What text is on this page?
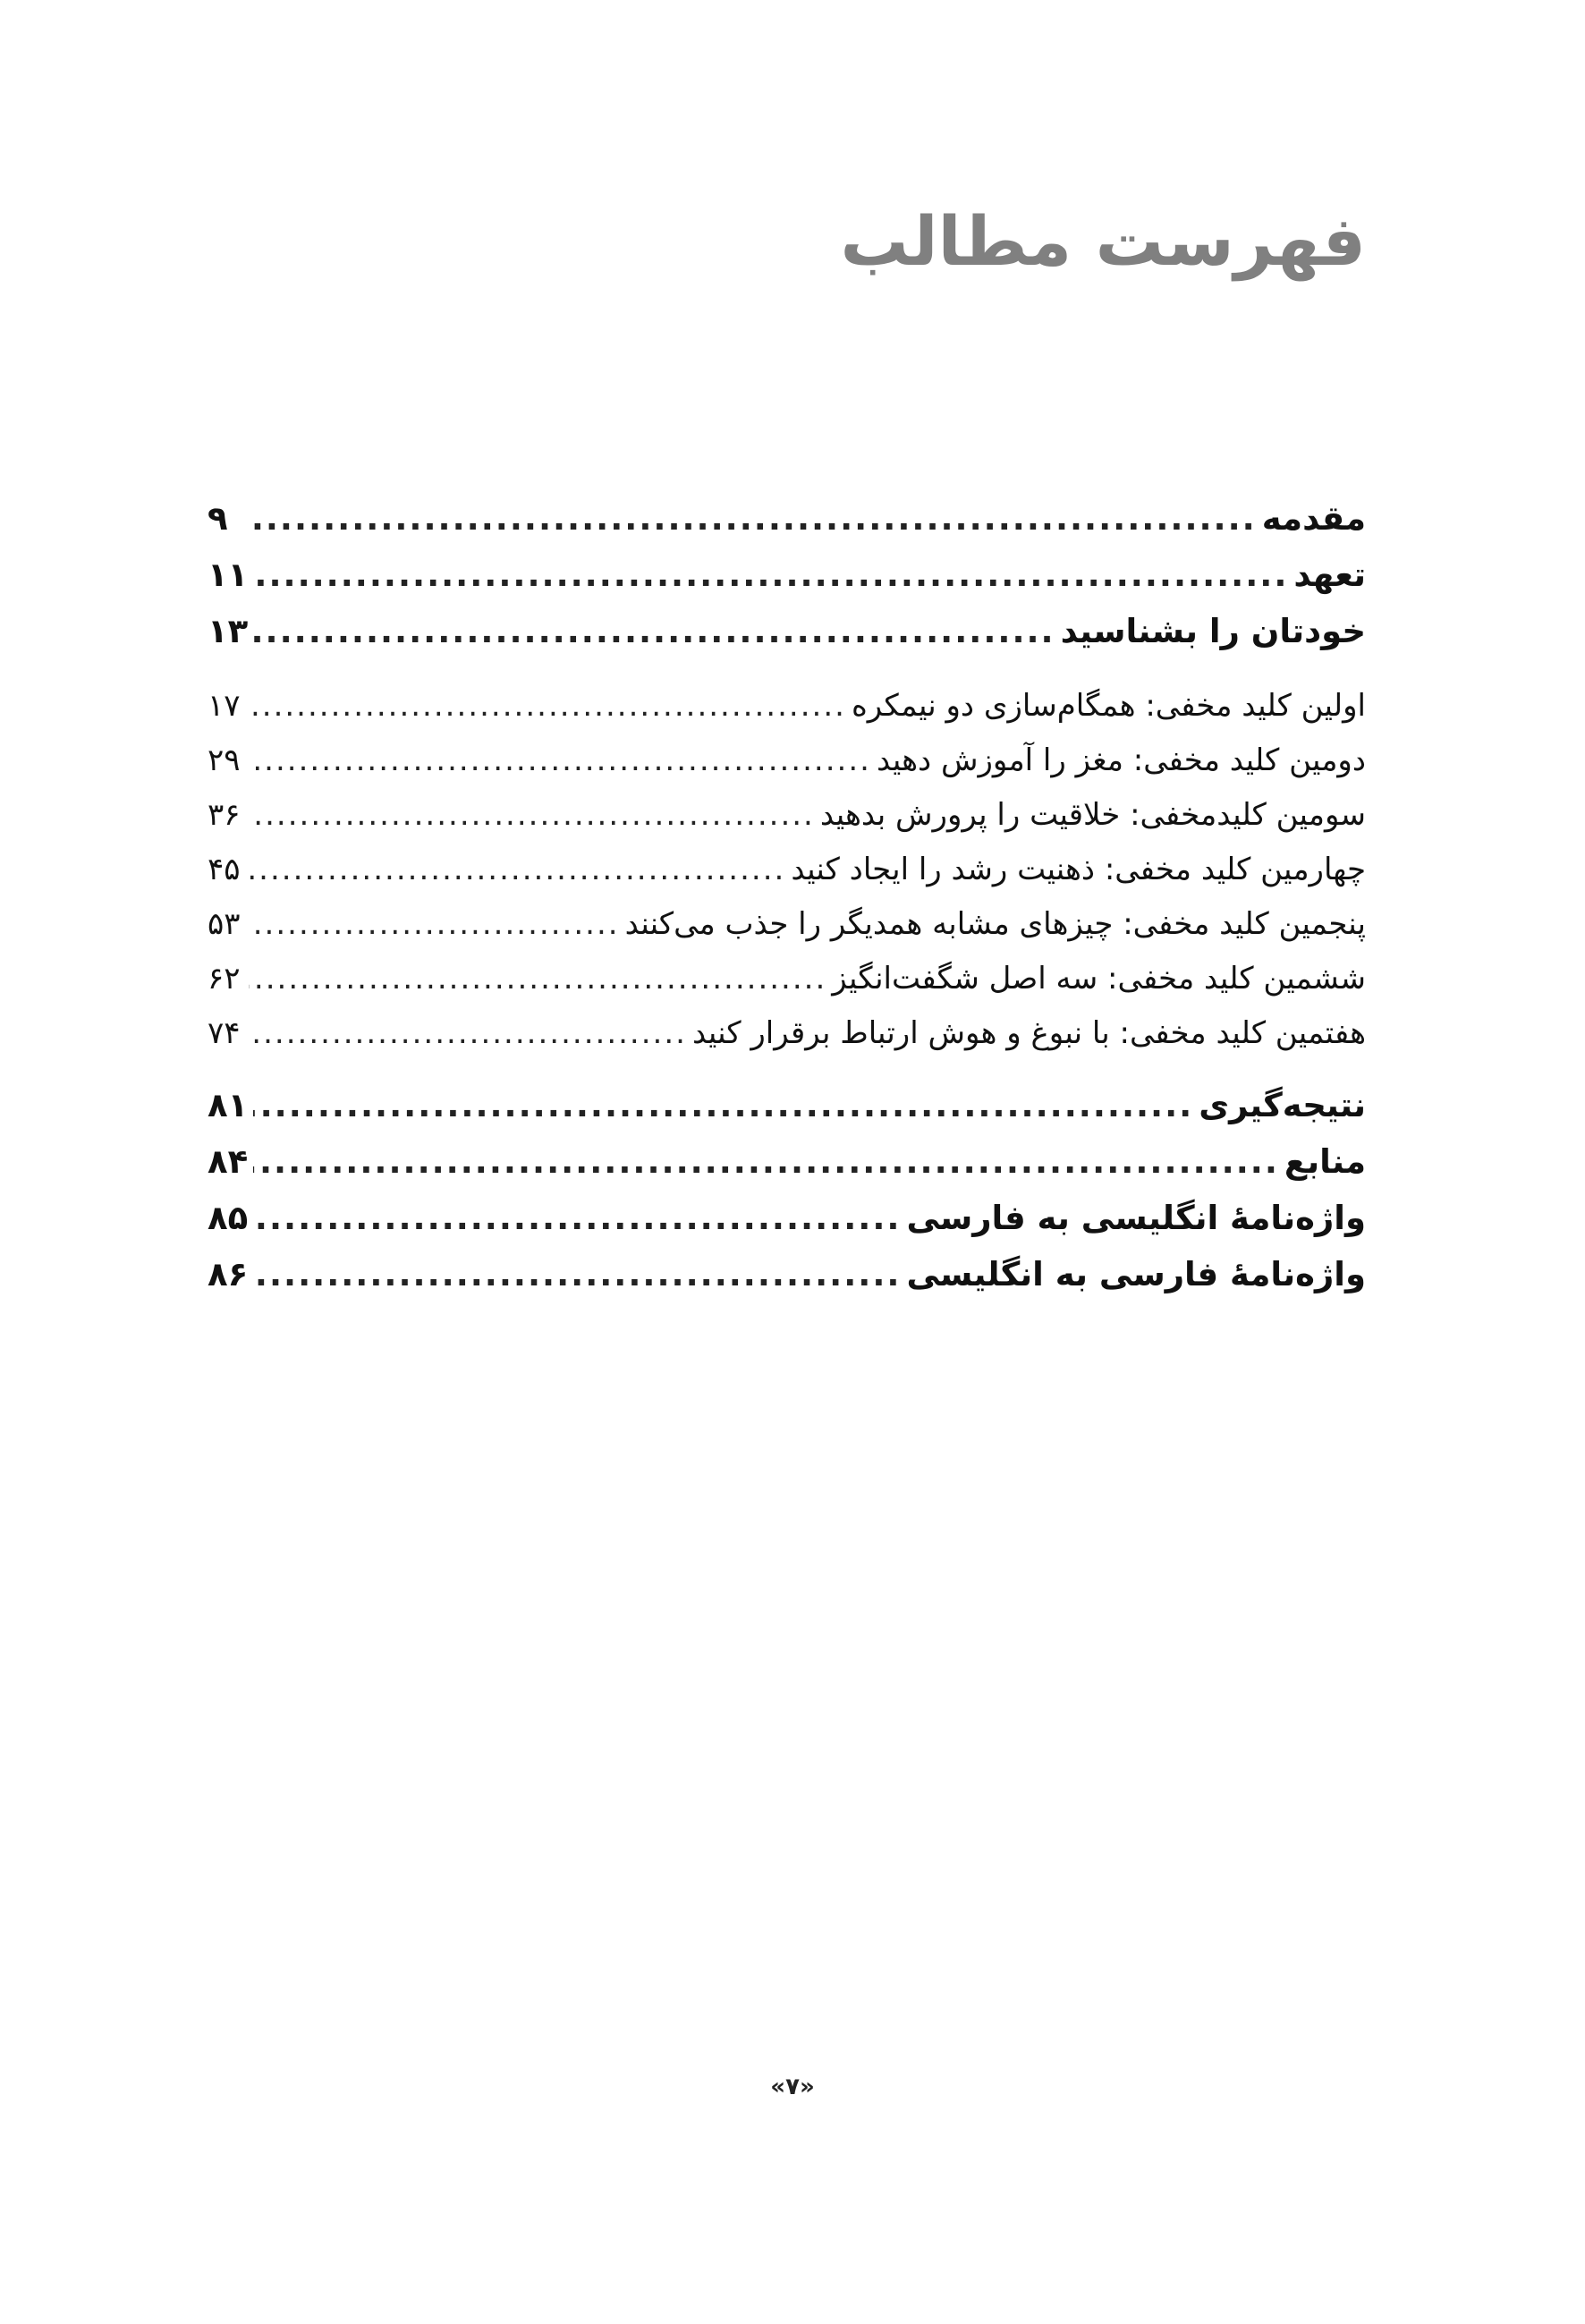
فهرست مطالب
مقدمه
.....
۹
تعهد
.....
۱۱
خودتان را بشناسید
.....
۱۳
اولین کلید مخفی: همگام‌سازی دو نیمکره
.....
۱۷
دومین کلید مخفی: مغز را آموزش دهید
.....
۲۹
سومین کلیدمخفی: خلاقیت را پرورش بدهید
.....
۳۶
چهارمین کلید مخفی: ذهنیت رشد را ایجاد کنید
.....
۴۵
پنجمین کلید مخفی: چیزهای مشابه همدیگر را جذب می‌کنند
.....
۵۳
ششمین کلید مخفی: سه اصل شگفت‌انگیز
.....
۶۲
هفتمین کلید مخفی: با نبوغ و هوش ارتباط برقرار کنید
.....
۷۴
نتیجه‌گیری
.....
۸۱
منابع
.....
۸۴
واژه‌نامهٔ انگلیسی به فارسی
.....
۸۵
واژه‌نامهٔ فارسی به انگلیسی
.....
۸۶
«۷»
